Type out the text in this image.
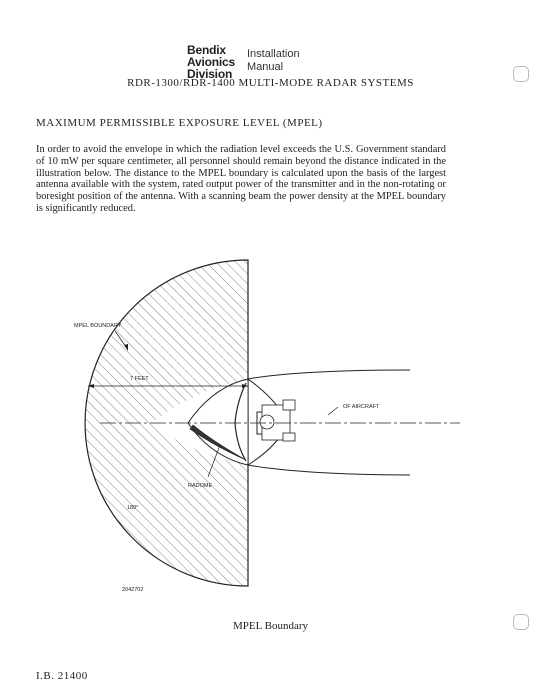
Bendix
Avionics
Division
Installation
Manual
RDR-1300/RDR-1400 MULTI-MODE RADAR SYSTEMS
MAXIMUM PERMISSIBLE EXPOSURE LEVEL (MPEL)
In order to avoid the envelope in which the radiation level exceeds the U.S. Government standard of 10 mW per square centimeter, all personnel should remain beyond the distance indicated in the illustration below. The distance to the MPEL boundary is calculated upon the basis of the largest antenna available with the system, rated output power of the transmitter and in the non-rotating or boresight position of the antenna. With a scanning beam the power density at the MPEL boundary is significantly reduced.
MPEL BOUNDARY
7 FEET
OF AIRCRAFT
RADOME
180°
2042702
MPEL Boundary
I.B. 21400
